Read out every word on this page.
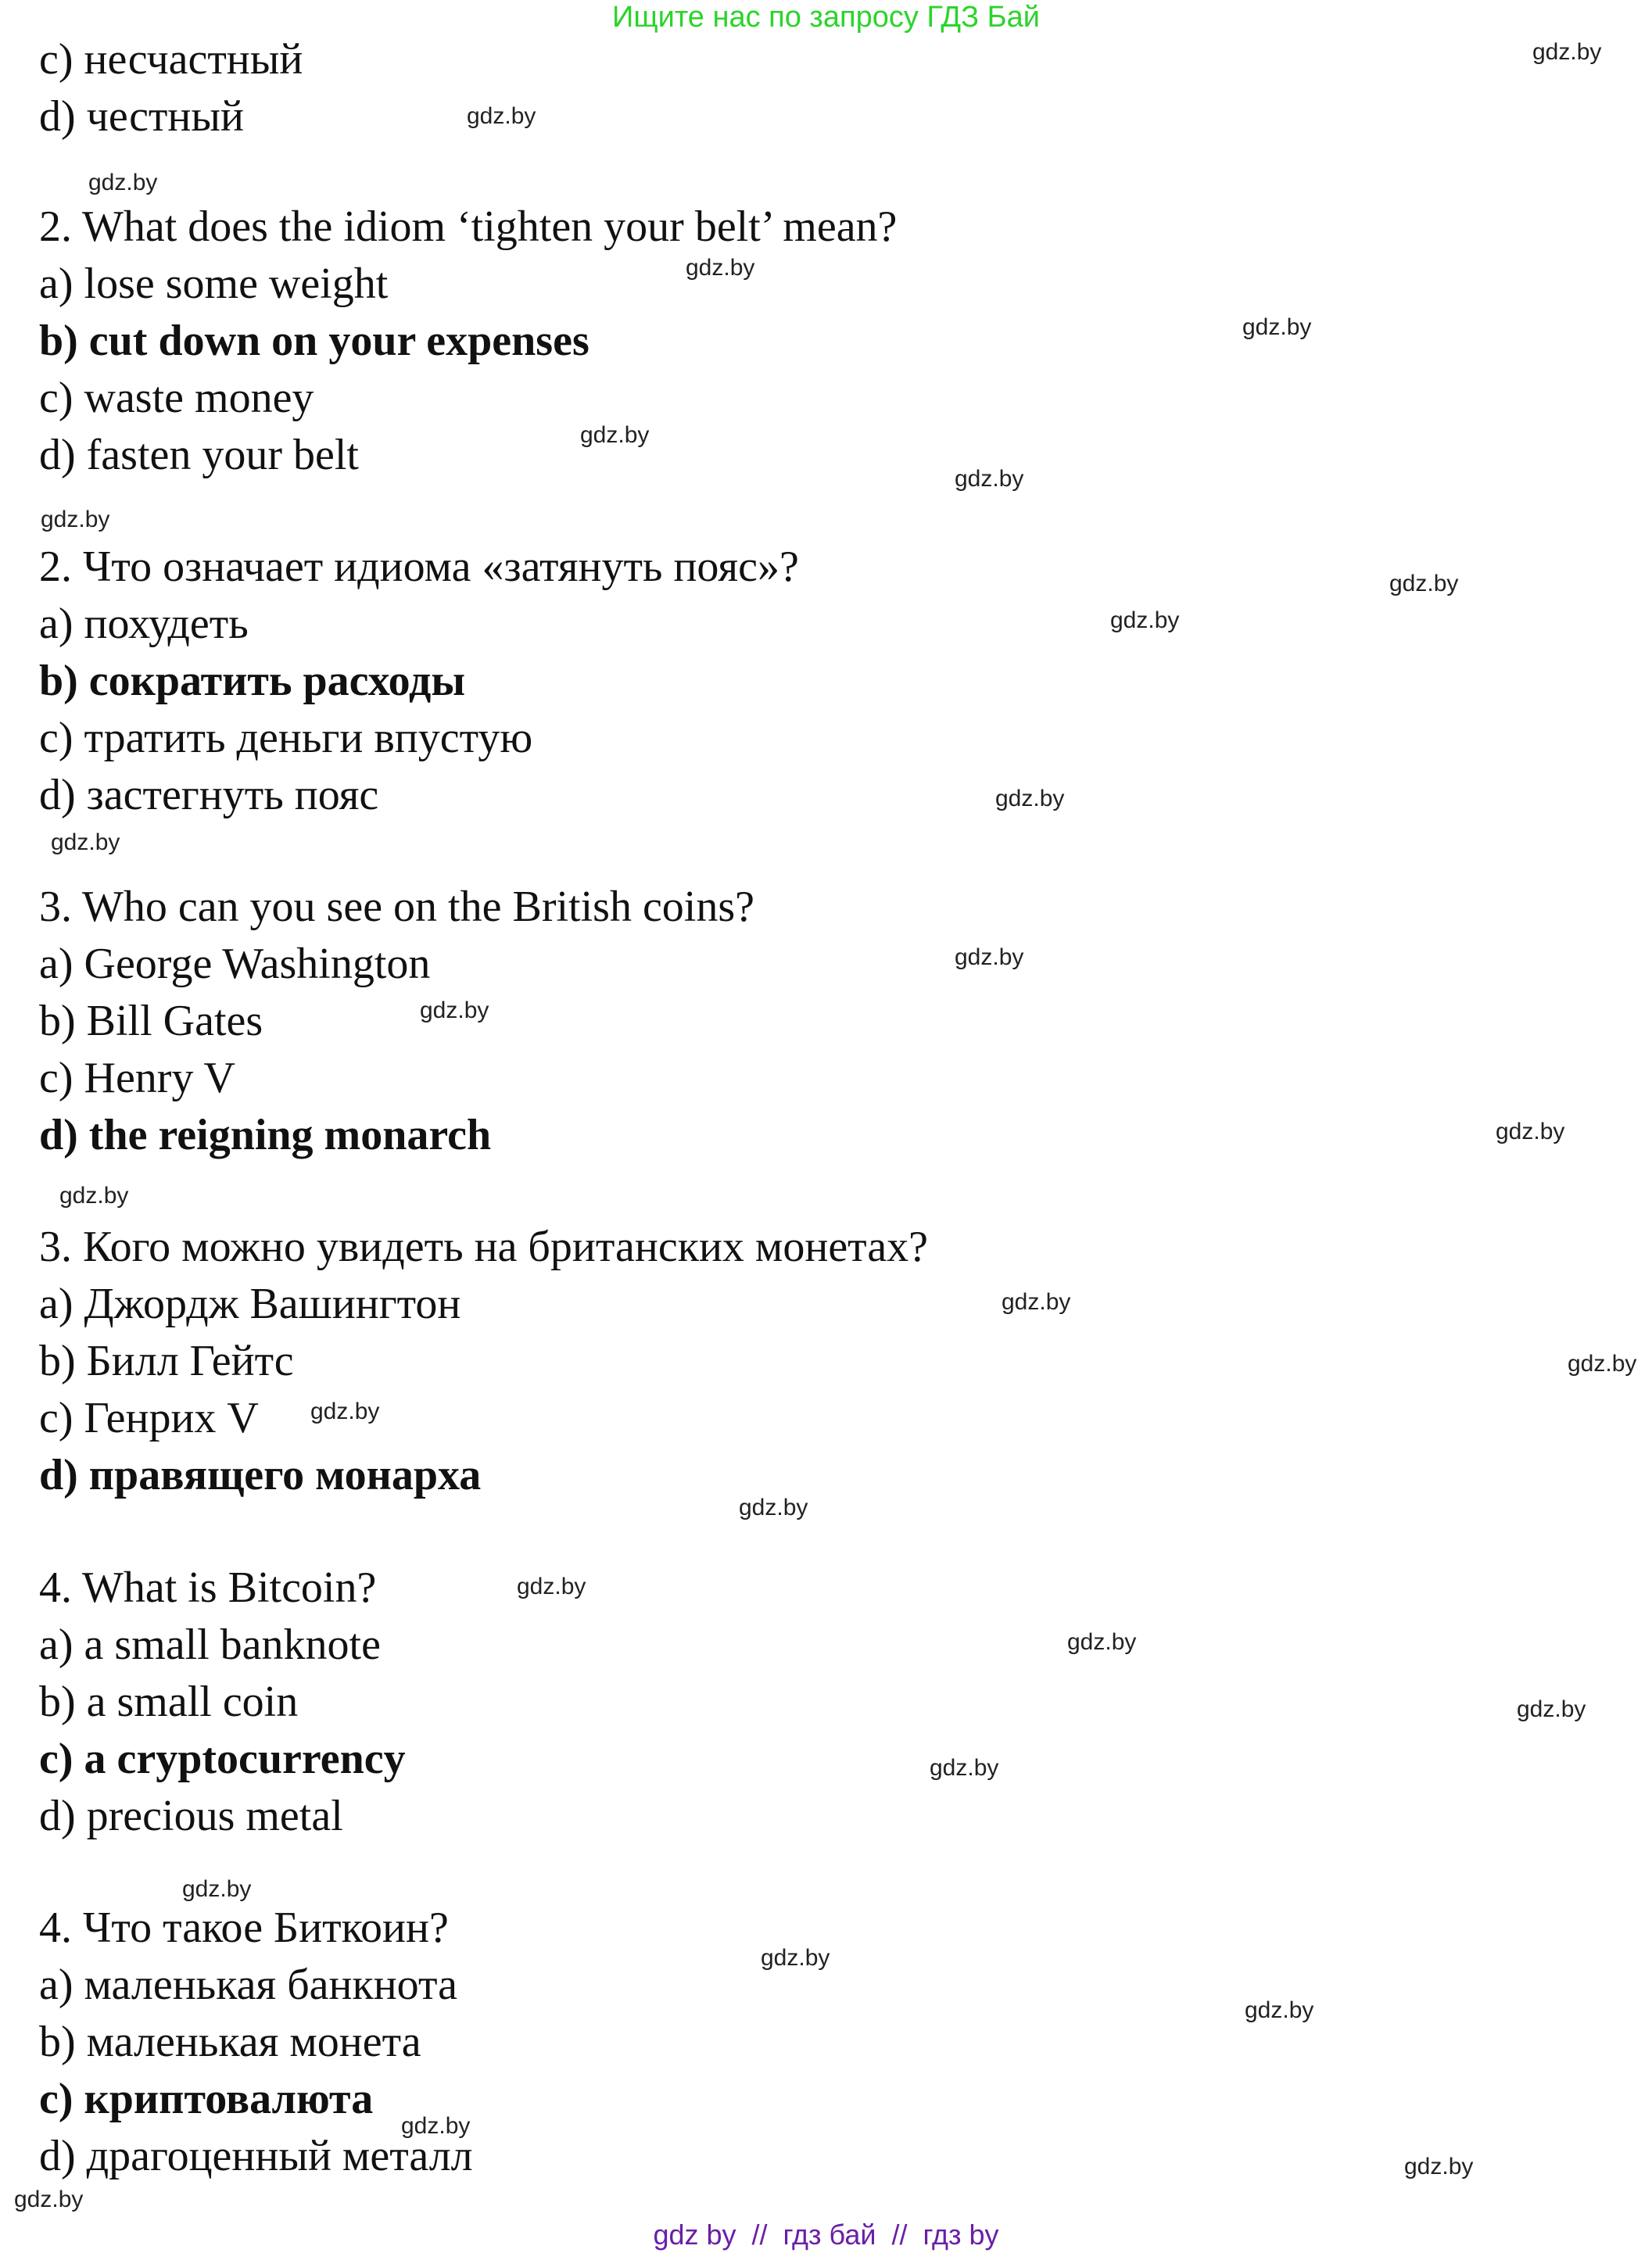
Ищите нас по запросу ГДЗ Бай
c) несчастный
d) честный
2. What does the idiom ‘tighten your belt’ mean?
a) lose some weight
b) cut down on your expenses
c) waste money
d) fasten your belt
2. Что означает идиома «затянуть пояс»?
a) похудеть
b) сократить расходы
c) тратить деньги впустую
d) застегнуть пояс
3. Who can you see on the British coins?
a) George Washington
b) Bill Gates
c) Henry V
d) the reigning monarch
3. Кого можно увидеть на британских монетах?
a) Джордж Вашингтон
b) Билл Гейтс
c) Генрих V
d) правящего монарха
4. What is Bitcoin?
a) a small banknote
b) a small coin
c) a cryptocurrency
d) precious metal
4. Что такое Биткоин?
a) маленькая банкнота
b) маленькая монета
c) криптовалюта
d) драгоценный металл
gdz.by
gdz.by
gdz.by
gdz.by
gdz.by
gdz.by
gdz.by
gdz.by
gdz.by
gdz.by
gdz.by
gdz.by
gdz.by
gdz.by
gdz.by
gdz.by
gdz.by
gdz.by
gdz.by
gdz.by
gdz.by
gdz.by
gdz.by
gdz.by
gdz.by
gdz.by
gdz.by
gdz.by
gdz.by
gdz.by
gdz by  //  гдз бай  //  гдз by
